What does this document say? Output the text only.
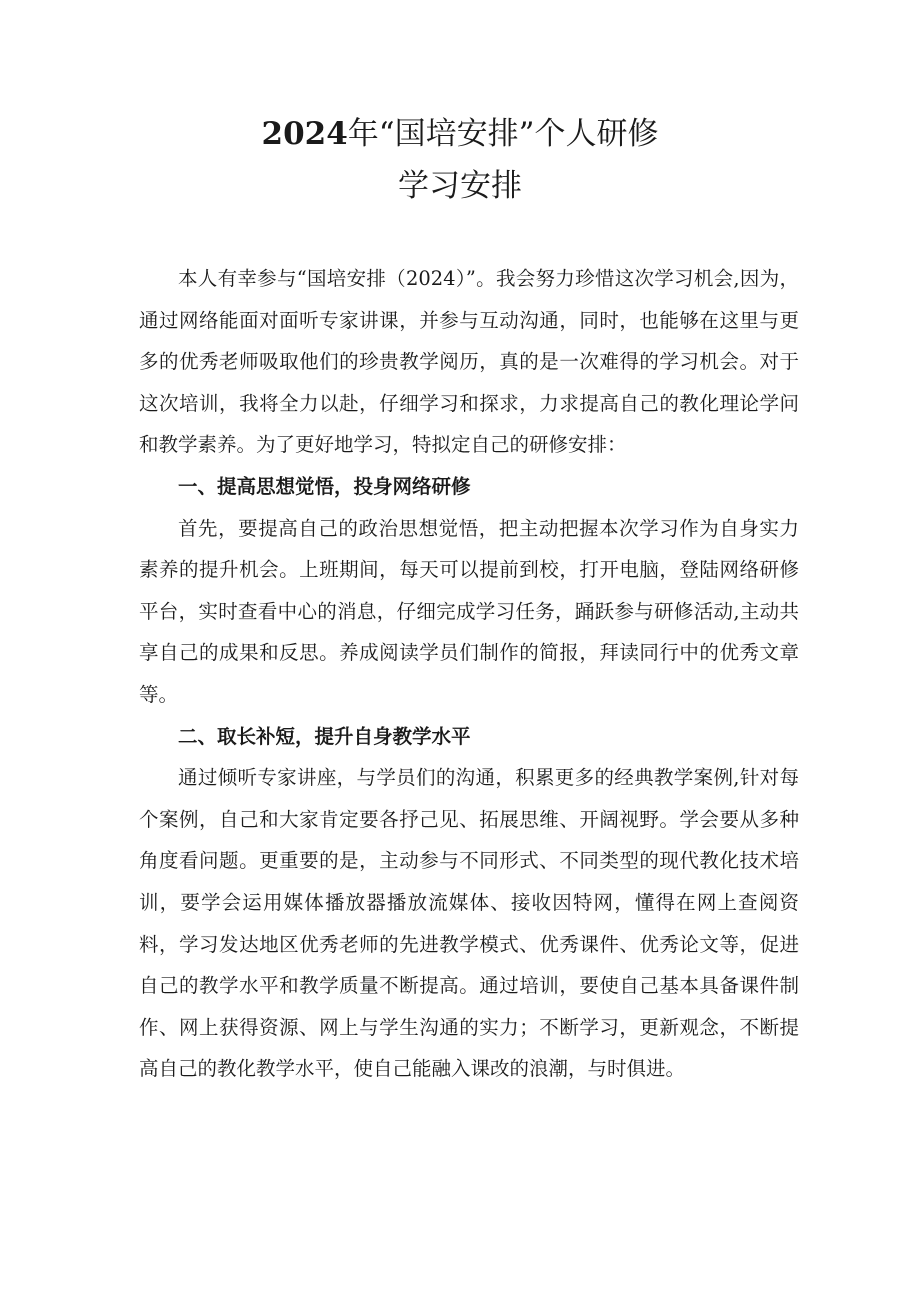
2024年“国培安排”个人研修
学习安排

本人有幸参与“国培安排（2024）”。我会努力珍惜这次学习机会,因为，通过网络能面对面听专家讲课，并参与互动沟通，同时，也能够在这里与更多的优秀老师吸取他们的珍贵教学阅历，真的是一次难得的学习机会。对于这次培训，我将全力以赴，仔细学习和探求，力求提高自己的教化理论学问和教学素养。为了更好地学习，特拟定自己的研修安排：

一、提高思想觉悟，投身网络研修

首先，要提高自己的政治思想觉悟，把主动把握本次学习作为自身实力素养的提升机会。上班期间，每天可以提前到校，打开电脑，登陆网络研修平台，实时查看中心的消息，仔细完成学习任务，踊跃参与研修活动,主动共享自己的成果和反思。养成阅读学员们制作的简报，拜读同行中的优秀文章等。

二、取长补短，提升自身教学水平

通过倾听专家讲座，与学员们的沟通，积累更多的经典教学案例,针对每个案例，自己和大家肯定要各抒己见、拓展思维、开阔视野。学会要从多种角度看问题。更重要的是，主动参与不同形式、不同类型的现代教化技术培训，要学会运用媒体播放器播放流媒体、接收因特网，懂得在网上查阅资料，学习发达地区优秀老师的先进教学模式、优秀课件、优秀论文等，促进自己的教学水平和教学质量不断提高。通过培训，要使自己基本具备课件制作、网上获得资源、网上与学生沟通的实力；不断学习，更新观念，不断提高自己的教化教学水平，使自己能融入课改的浪潮，与时俱进。
